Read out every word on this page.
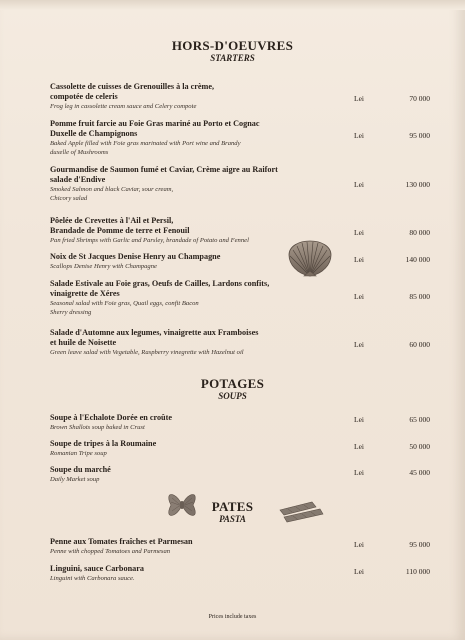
HORS-D'OEUVRES
STARTERS
Cassolette de cuisses de Grenouilles à la crème,
compotée de celeris
Frog leg in cassolette cream sauce and Celery compote
Lei	70 000
Pomme fruit farcie au Foie Gras mariné au Porto et Cognac
Duxelle de Champignons
Baked Apple filled with Foie gras marinated with Port wine and Brandy
duxelle of Mushrooms
Lei	95 000
Gourmandise de Saumon fumé et Caviar, Crème aigre au Raifort
salade d'Endive
Smoked Salmon and black Caviar, sour cream,
Chicory salad
Lei	130 000
Pôelée de Crevettes à l'Ail et Persil,
Brandade de Pomme de terre et Fenouil
Pan fried Shrimps with Garlic and Parsley, brandade of Potato and Fennel
Lei	80 000
Noix de St Jacques Denise Henry au Champagne
Scallops Denise Henry with Champagne
Lei	140 000
Salade Estivale au Foie gras, Oeufs de Cailles, Lardons confits,
vinaigrette de Xéres
Seasonal salad with Foie gras, Quail eggs, confit Bacon
Sherry dressing
Lei	85 000
Salade d'Automne aux legumes, vinaigrette aux Framboises
et huile de Noisette
Green leave salad with Vegetable, Raspberry vinegrette with Hazelnut oil
Lei	60 000
POTAGES
SOUPS
Soupe à l'Echalote Dorée en croûte
Brown Shallots soup baked in Crust
Lei	65 000
Soupe de tripes à la Roumaine
Romanian Tripe soup
Lei	50 000
Soupe du marché
Daily Market soup
Lei	45 000
PATES
PASTA
Penne aux Tomates fraîches et Parmesan
Penne with chopped Tomatoes and Parmesan
Lei	95 000
Linguini, sauce Carbonara
Linguini with Carbonara sauce.
Lei	110 000
Prices include taxes
